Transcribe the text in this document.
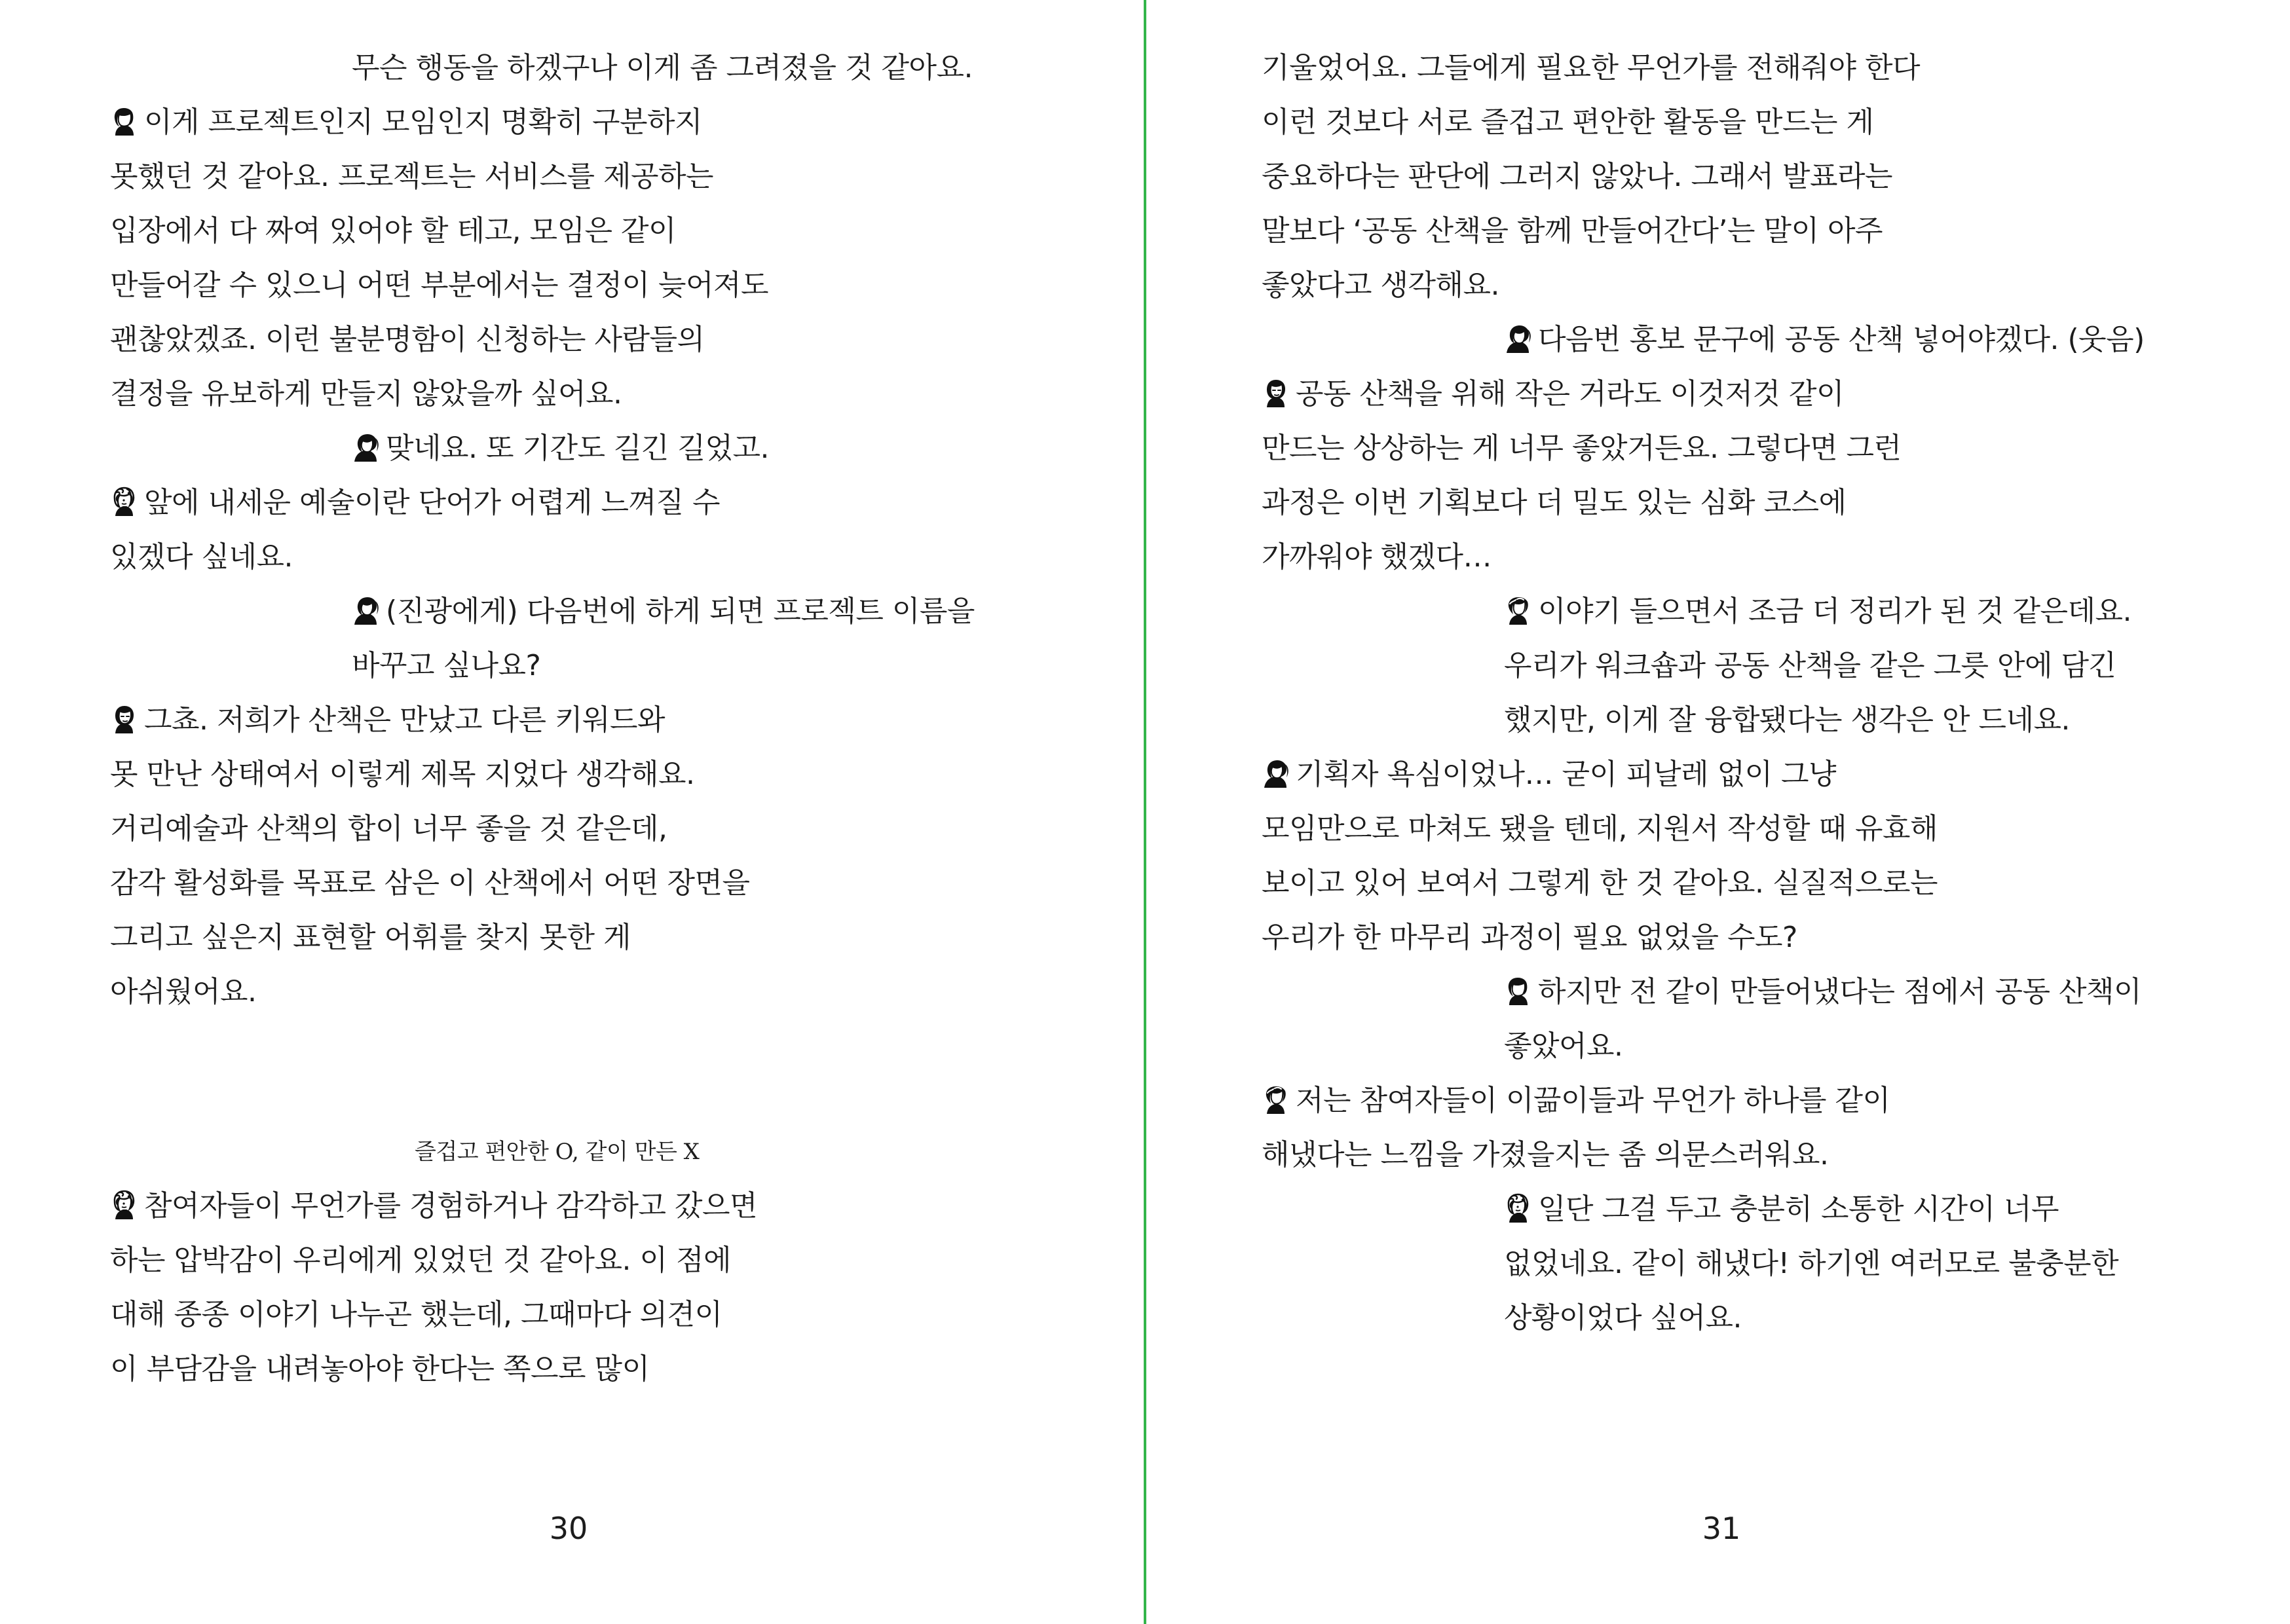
무슨 행동을 하겠구나 이게 좀 그려졌을 것 같아요.
이게 프로젝트인지 모임인지 명확히 구분하지
못했던 것 같아요. 프로젝트는 서비스를 제공하는
입장에서 다 짜여 있어야 할 테고, 모임은 같이
만들어갈 수 있으니 어떤 부분에서는 결정이 늦어져도
괜찮았겠죠. 이런 불분명함이 신청하는 사람들의
결정을 유보하게 만들지 않았을까 싶어요.
맞네요. 또 기간도 길긴 길었고.
앞에 내세운 예술이란 단어가 어렵게 느껴질 수
있겠다 싶네요.
(진광에게) 다음번에 하게 되면 프로젝트 이름을
바꾸고 싶나요?
그쵸. 저희가 산책은 만났고 다른 키워드와
못 만난 상태여서 이렇게 제목 지었다 생각해요.
거리예술과 산책의 합이 너무 좋을 것 같은데,
감각 활성화를 목표로 삼은 이 산책에서 어떤 장면을
그리고 싶은지 표현할 어휘를 찾지 못한 게
아쉬웠어요.
즐겁고 편안한 O, 같이 만든 X
참여자들이 무언가를 경험하거나 감각하고 갔으면
하는 압박감이 우리에게 있었던 것 같아요. 이 점에
대해 종종 이야기 나누곤 했는데, 그때마다 의견이
이 부담감을 내려놓아야 한다는 쪽으로 많이
30
기울었어요. 그들에게 필요한 무언가를 전해줘야 한다
이런 것보다 서로 즐겁고 편안한 활동을 만드는 게
중요하다는 판단에 그러지 않았나. 그래서 발표라는
말보다 ‘공동 산책을 함께 만들어간다’는 말이 아주
좋았다고 생각해요.
다음번 홍보 문구에 공동 산책 넣어야겠다. (웃음)
공동 산책을 위해 작은 거라도 이것저것 같이
만드는 상상하는 게 너무 좋았거든요. 그렇다면 그런
과정은 이번 기획보다 더 밀도 있는 심화 코스에
가까워야 했겠다…
이야기 들으면서 조금 더 정리가 된 것 같은데요.
우리가 워크숍과 공동 산책을 같은 그릇 안에 담긴
했지만, 이게 잘 융합됐다는 생각은 안 드네요.
기획자 욕심이었나… 굳이 피날레 없이 그냥
모임만으로 마쳐도 됐을 텐데, 지원서 작성할 때 유효해
보이고 있어 보여서 그렇게 한 것 같아요. 실질적으로는
우리가 한 마무리 과정이 필요 없었을 수도?
하지만 전 같이 만들어냈다는 점에서 공동 산책이
좋았어요.
저는 참여자들이 이끎이들과 무언가 하나를 같이
해냈다는 느낌을 가졌을지는 좀 의문스러워요.
일단 그걸 두고 충분히 소통한 시간이 너무
없었네요. 같이 해냈다! 하기엔 여러모로 불충분한
상황이었다 싶어요.
31
